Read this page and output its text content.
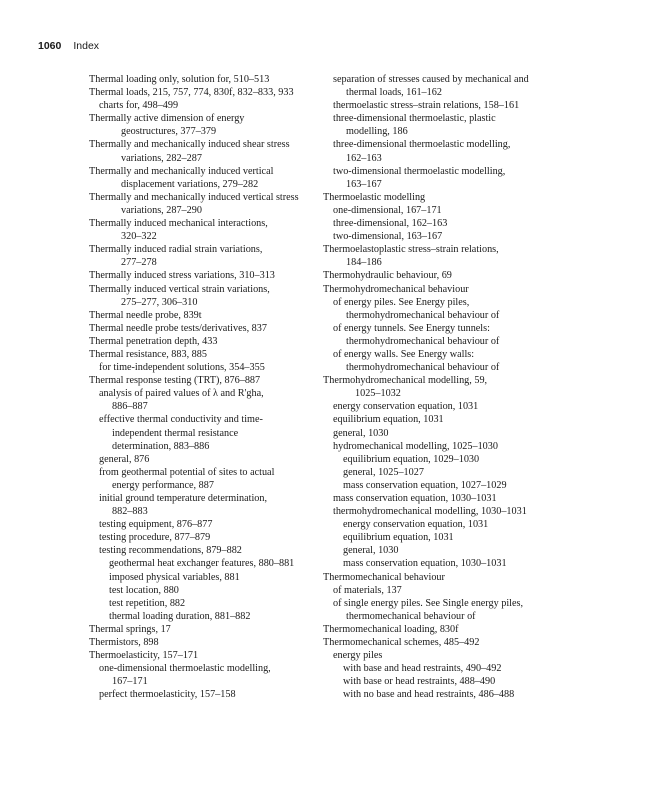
1060 Index
Thermal loading only, solution for, 510–513
Thermal loads, 215, 757, 774, 830f, 832–833, 933
charts for, 498–499
Thermally active dimension of energy
geostructures, 377–379
Thermally and mechanically induced shear stress
variations, 282–287
Thermally and mechanically induced vertical
displacement variations, 279–282
Thermally and mechanically induced vertical stress
variations, 287–290
Thermally induced mechanical interactions,
320–322
Thermally induced radial strain variations,
277–278
Thermally induced stress variations, 310–313
Thermally induced vertical strain variations,
275–277, 306–310
Thermal needle probe, 839t
Thermal needle probe tests/derivatives, 837
Thermal penetration depth, 433
Thermal resistance, 883, 885
for time-independent solutions, 354–355
Thermal response testing (TRT), 876–887
analysis of paired values of λ and R'gha,
886–887
effective thermal conductivity and time-
independent thermal resistance
determination, 883–886
general, 876
from geothermal potential of sites to actual
energy performance, 887
initial ground temperature determination,
882–883
testing equipment, 876–877
testing procedure, 877–879
testing recommendations, 879–882
geothermal heat exchanger features, 880–881
imposed physical variables, 881
test location, 880
test repetition, 882
thermal loading duration, 881–882
Thermal springs, 17
Thermistors, 898
Thermoelasticity, 157–171
one-dimensional thermoelastic modelling,
167–171
perfect thermoelasticity, 157–158
separation of stresses caused by mechanical and
thermal loads, 161–162
thermoelastic stress–strain relations, 158–161
three-dimensional thermoelastic, plastic
modelling, 186
three-dimensional thermoelastic modelling,
162–163
two-dimensional thermoelastic modelling,
163–167
Thermoelastic modelling
one-dimensional, 167–171
three-dimensional, 162–163
two-dimensional, 163–167
Thermoelastoplastic stress–strain relations,
184–186
Thermohydraulic behaviour, 69
Thermohydromechanical behaviour
of energy piles. See Energy piles,
thermohydromechanical behaviour of
of energy tunnels. See Energy tunnels:
thermohydromechanical behaviour of
of energy walls. See Energy walls:
thermohydromechanical behaviour of
Thermohydromechanical modelling, 59,
1025–1032
energy conservation equation, 1031
equilibrium equation, 1031
general, 1030
hydromechanical modelling, 1025–1030
equilibrium equation, 1029–1030
general, 1025–1027
mass conservation equation, 1027–1029
mass conservation equation, 1030–1031
thermohydromechanical modelling, 1030–1031
energy conservation equation, 1031
equilibrium equation, 1031
general, 1030
mass conservation equation, 1030–1031
Thermomechanical behaviour
of materials, 137
of single energy piles. See Single energy piles,
thermomechanical behaviour of
Thermomechanical loading, 830f
Thermomechanical schemes, 485–492
energy piles
with base and head restraints, 490–492
with base or head restraints, 488–490
with no base and head restraints, 486–488
